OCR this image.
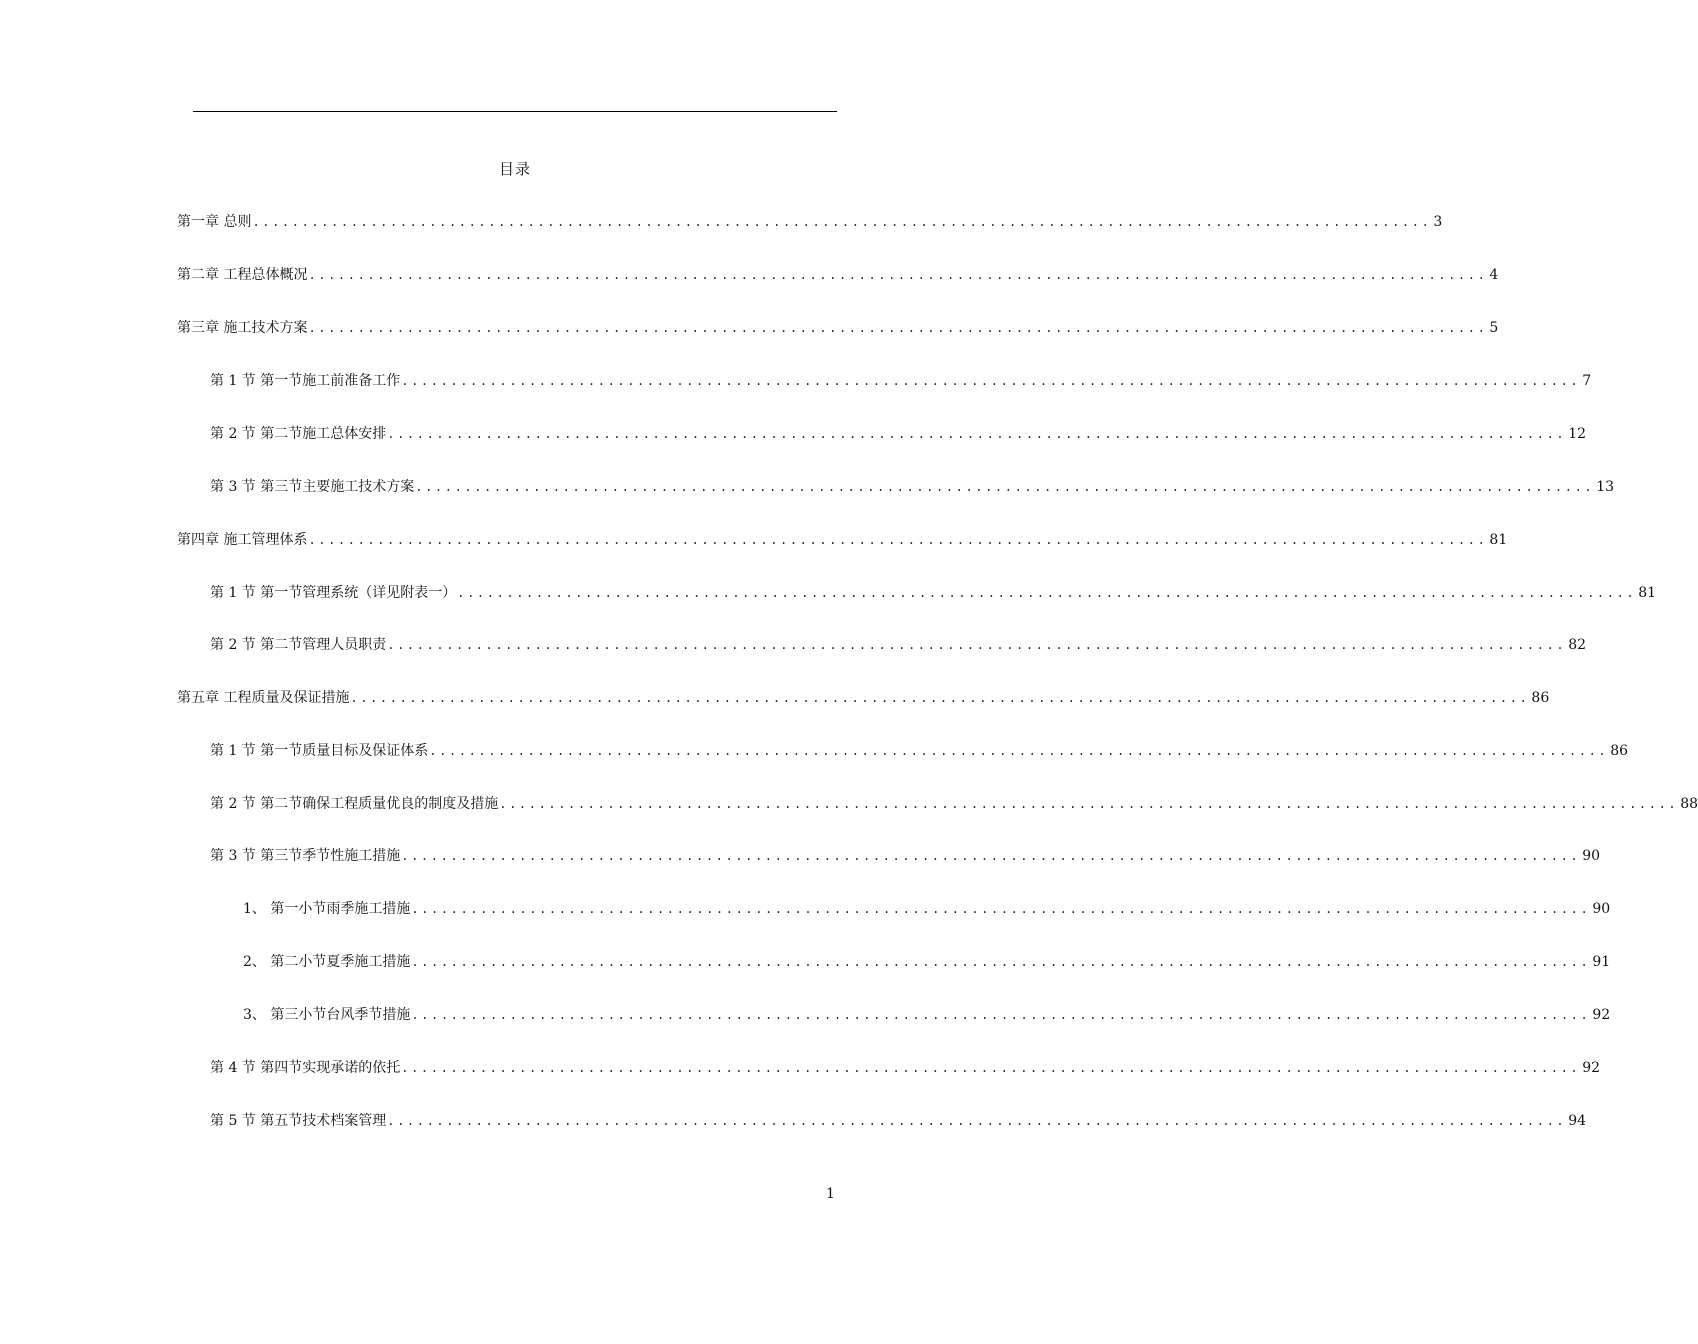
目录
第一章 总则 ........................................................................................................................ 3
第二章 工程总体概况 ........................................................................................................................ 4
第三章 施工技术方案 ........................................................................................................................ 5
第 1 节 第一节施工前准备工作 ........................................................................................................................ 7
第 2 节 第二节施工总体安排 ........................................................................................................................ 12
第 3 节 第三节主要施工技术方案 ........................................................................................................................ 13
第四章 施工管理体系 ........................................................................................................................ 81
第 1 节 第一节管理系统（详见附表一） ........................................................................................................................ 81
第 2 节 第二节管理人员职责 ........................................................................................................................ 82
第五章 工程质量及保证措施 ........................................................................................................................ 86
第 1 节 第一节质量目标及保证体系 ........................................................................................................................ 86
第 2 节 第二节确保工程质量优良的制度及措施 ........................................................................................................................ 88
第 3 节 第三节季节性施工措施 ........................................................................................................................ 90
1、 第一小节雨季施工措施 ........................................................................................................................ 90
2、 第二小节夏季施工措施 ........................................................................................................................ 91
3、 第三小节台风季节措施 ........................................................................................................................ 92
第 4 节 第四节实现承诺的依托 ........................................................................................................................ 92
第 5 节 第五节技术档案管理 ........................................................................................................................ 94
1
